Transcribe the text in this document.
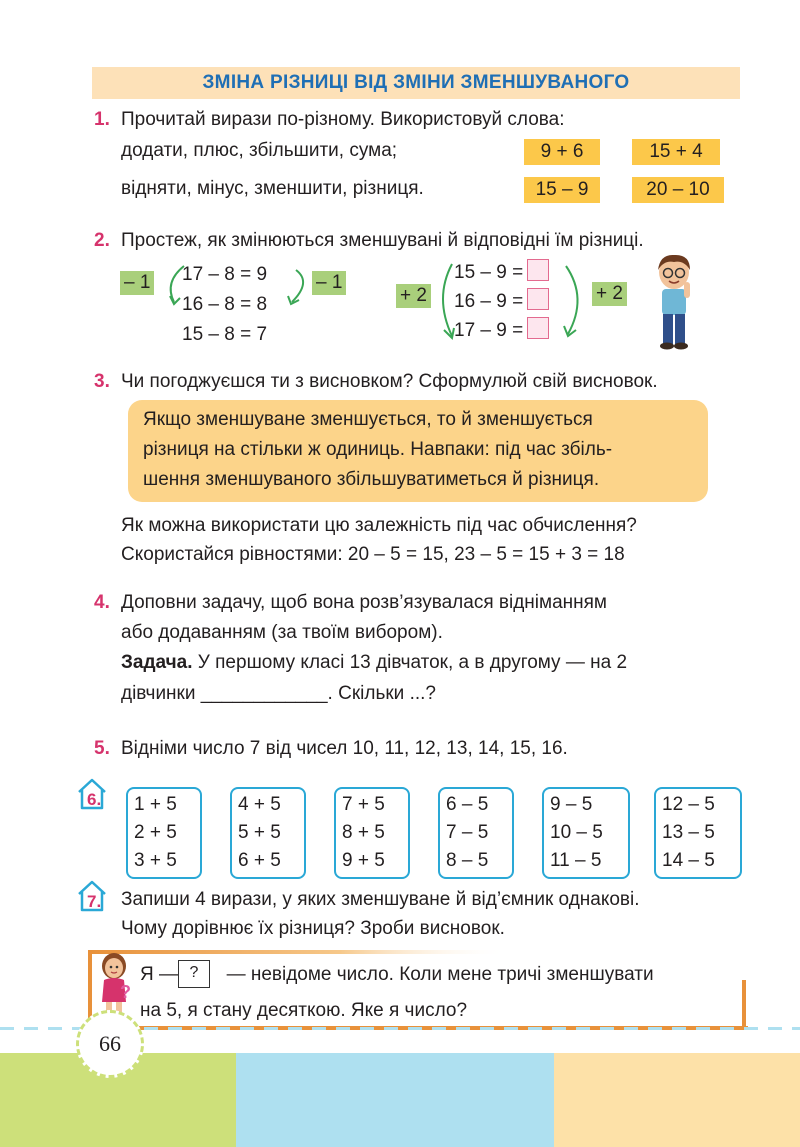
ЗМІНА РІЗНИЦІ ВІД ЗМІНИ ЗМЕНШУВАНОГО
1. Прочитай вирази по-різному. Використовуй слова:
додати, плюс, збільшити, сума;
відняти, мінус, зменшити, різниця.
9 + 6	15 + 4
15 – 9	20 – 10
2. Простеж, як змінюються зменшувані й відповідні їм різниці.
– 1 17 – 8 = 9
16 – 8 = 8
15 – 8 = 7
– 1
+ 2
15 – 9 =
16 – 9 =
17 – 9 =
+ 2
3. Чи погоджуєшся ти з висновком? Сформулюй свій висновок.
Якщо зменшуване зменшується, то й зменшується
різниця на стільки ж одиниць. Навпаки: під час збіль-
шення зменшуваного збільшуватиметься й різниця.
Як можна використати цю залежність під час обчислення?
Скористайся рівностями: 20 – 5 = 15, 23 – 5 = 15 + 3 = 18
4. Доповни задачу, щоб вона розв’язувалася відніманням
або додаванням (за твоїм вибором).
Задача. У першому класі 13 дівчаток, а в другому — на 2
дівчинки ____________. Скільки ...?
5. Відніми число 7 від чисел 10, 11, 12, 13, 14, 15, 16.
6. 1 + 5
2 + 5
3 + 5
4 + 5
5 + 5
6 + 5
7 + 5
8 + 5
9 + 5
6 – 5
7 – 5
8 – 5
9 – 5
10 – 5
11 – 5
12 – 5
13 – 5
14 – 5
7. Запиши 4 вирази, у яких зменшуване й від’ємник однакові.
Чому дорівнює їх різниця? Зроби висновок.
?
Я — ?	— невідоме число. Коли мене тричі зменшувати
на 5, я стану десяткою. Яке я число?
66
